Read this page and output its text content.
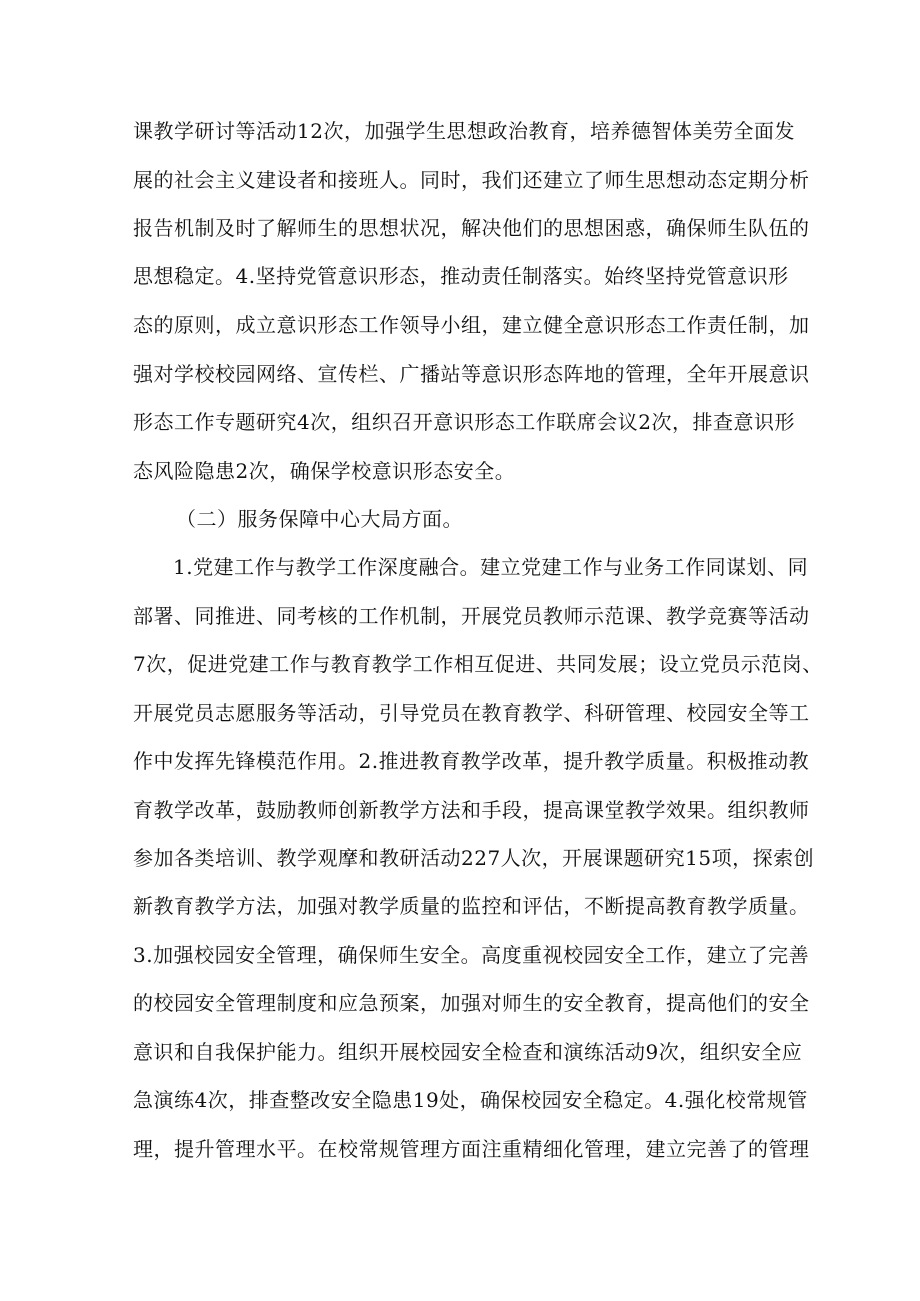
课教学研讨等活动12次，加强学生思想政治教育，培养德智体美劳全面发
展的社会主义建设者和接班人。同时，我们还建立了师生思想动态定期分析
报告机制及时了解师生的思想状况，解决他们的思想困惑，确保师生队伍的
思想稳定。4.坚持党管意识形态，推动责任制落实。始终坚持党管意识形
态的原则，成立意识形态工作领导小组，建立健全意识形态工作责任制，加
强对学校校园网络、宣传栏、广播站等意识形态阵地的管理，全年开展意识
形态工作专题研究4次，组织召开意识形态工作联席会议2次，排查意识形
态风险隐患2次，确保学校意识形态安全。
（二）服务保障中心大局方面。
1.党建工作与教学工作深度融合。建立党建工作与业务工作同谋划、同
部署、同推进、同考核的工作机制，开展党员教师示范课、教学竞赛等活动
7次，促进党建工作与教育教学工作相互促进、共同发展；设立党员示范岗、
开展党员志愿服务等活动，引导党员在教育教学、科研管理、校园安全等工
作中发挥先锋模范作用。2.推进教育教学改革，提升教学质量。积极推动教
育教学改革，鼓励教师创新教学方法和手段，提高课堂教学效果。组织教师
参加各类培训、教学观摩和教研活动227人次，开展课题研究15项，探索创
新教育教学方法，加强对教学质量的监控和评估，不断提高教育教学质量。
3.加强校园安全管理，确保师生安全。高度重视校园安全工作，建立了完善
的校园安全管理制度和应急预案，加强对师生的安全教育，提高他们的安全
意识和自我保护能力。组织开展校园安全检查和演练活动9次，组织安全应
急演练4次，排查整改安全隐患19处，确保校园安全稳定。4.强化校常规管
理，提升管理水平。在校常规管理方面注重精细化管理，建立完善了的管理
